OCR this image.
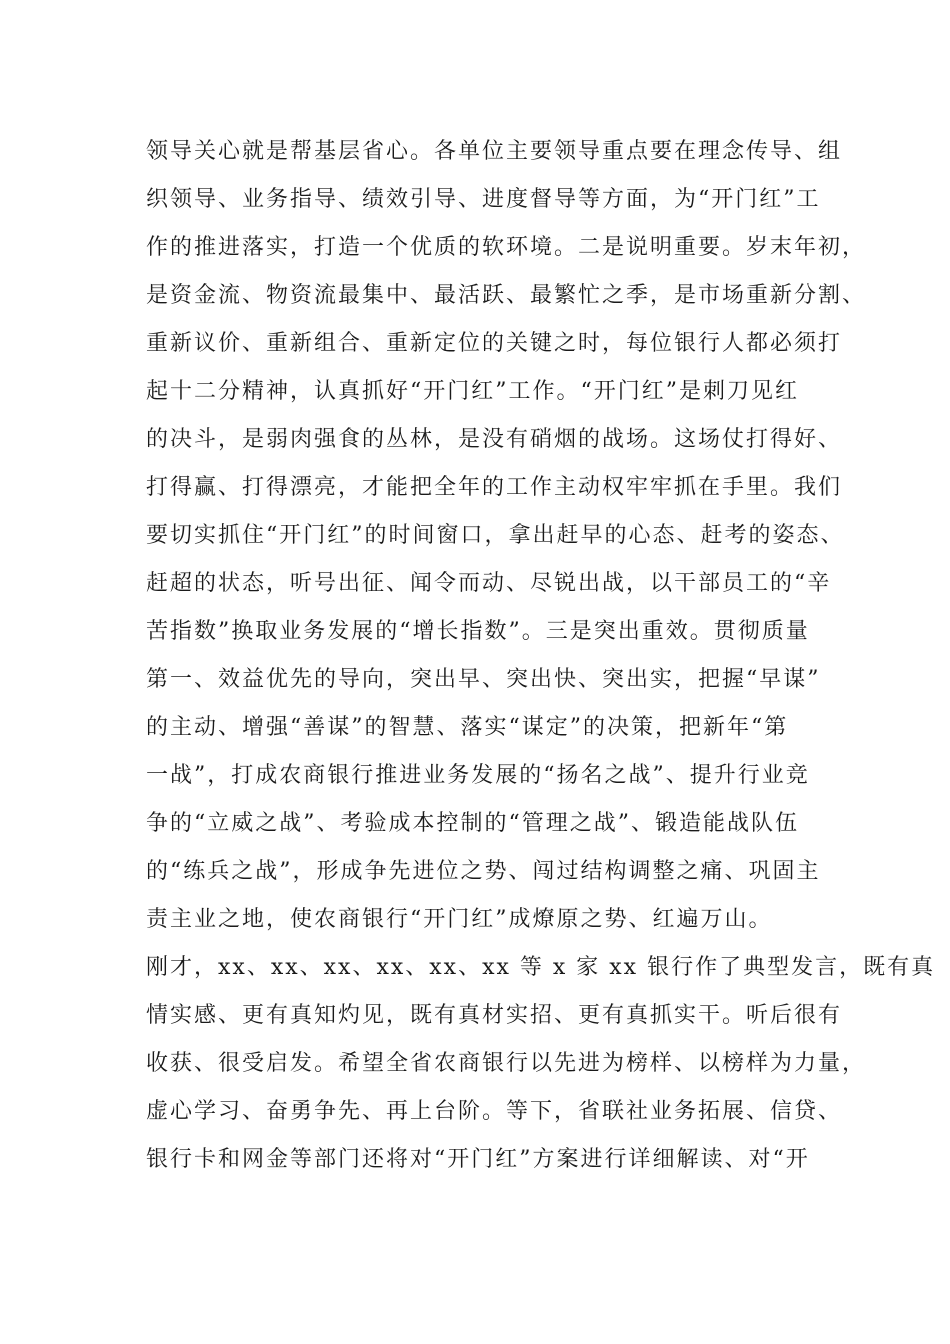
领导关心就是帮基层省心。各单位主要领导重点要在理念传导、组
织领导、业务指导、绩效引导、进度督导等方面，为“开门红”工
作的推进落实，打造一个优质的软环境。二是说明重要。岁末年初，
是资金流、物资流最集中、最活跃、最繁忙之季，是市场重新分割、
重新议价、重新组合、重新定位的关键之时，每位银行人都必须打
起十二分精神，认真抓好“开门红”工作。“开门红”是刺刀见红
的决斗，是弱肉强食的丛林，是没有硝烟的战场。这场仗打得好、
打得赢、打得漂亮，才能把全年的工作主动权牢牢抓在手里。我们
要切实抓住“开门红”的时间窗口，拿出赶早的心态、赶考的姿态、
赶超的状态，听号出征、闻令而动、尽锐出战，以干部员工的“辛
苦指数”换取业务发展的“增长指数”。三是突出重效。贯彻质量
第一、效益优先的导向，突出早、突出快、突出实，把握“早谋”
的主动、增强“善谋”的智慧、落实“谋定”的决策，把新年“第
一战”，打成农商银行推进业务发展的“扬名之战”、提升行业竞
争的“立威之战”、考验成本控制的“管理之战”、锻造能战队伍
的“练兵之战”，形成争先进位之势、闯过结构调整之痛、巩固主
责主业之地，使农商银行“开门红”成燎原之势、红遍万山。
刚才，xx、xx、xx、xx、xx、xx 等 x 家 xx 银行作了典型发言，既有真
情实感、更有真知灼见，既有真材实招、更有真抓实干。听后很有
收获、很受启发。希望全省农商银行以先进为榜样、以榜样为力量，
虚心学习、奋勇争先、再上台阶。等下，省联社业务拓展、信贷、
银行卡和网金等部门还将对“开门红”方案进行详细解读、对“开
